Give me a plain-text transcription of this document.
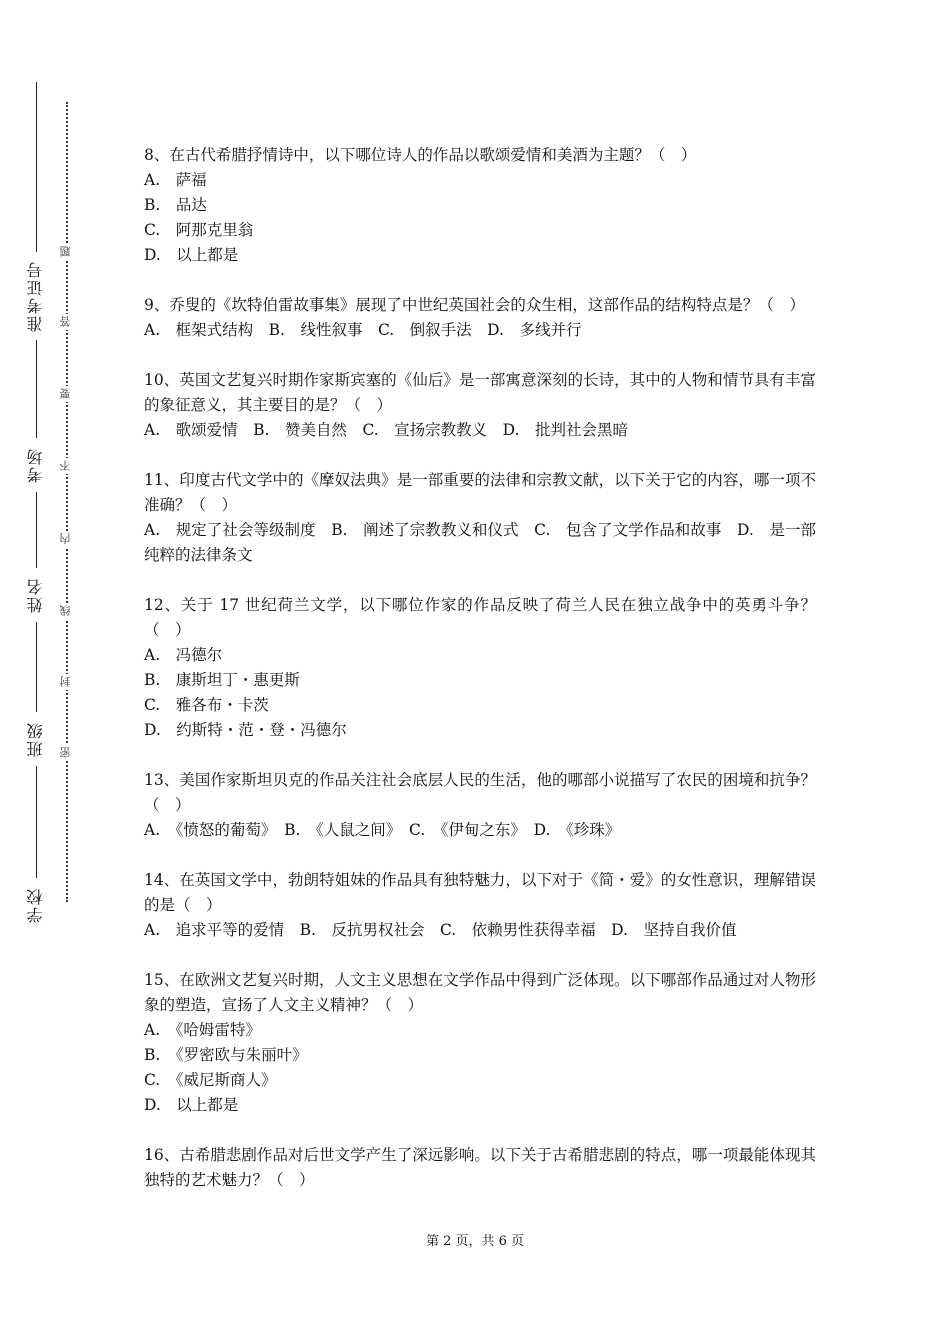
准考证号
考场
姓名
班级
学校
题
答
要
不
内
线
封
密

8、在古代希腊抒情诗中，以下哪位诗人的作品以歌颂爱情和美酒为主题？（　）

A.　萨福

B.　品达

C.　阿那克里翁

D.　以上都是

9、乔叟的《坎特伯雷故事集》展现了中世纪英国社会的众生相，这部作品的结构特点是？（　）

A.　框架式结构　B.　线性叙事　C.　倒叙手法　D.　多线并行

10、英国文艺复兴时期作家斯宾塞的《仙后》是一部寓意深刻的长诗，其中的人物和情节具有丰富的象征意义，其主要目的是？（　）

A.　歌颂爱情　B.　赞美自然　C.　宣扬宗教教义　D.　批判社会黑暗

11、印度古代文学中的《摩奴法典》是一部重要的法律和宗教文献，以下关于它的内容，哪一项不准确？（　）

A.　规定了社会等级制度　B.　阐述了宗教教义和仪式　C.　包含了文学作品和故事　D.　是一部纯粹的法律条文

12、关于 17 世纪荷兰文学，以下哪位作家的作品反映了荷兰人民在独立战争中的英勇斗争？（　）

A.　冯德尔

B.　康斯坦丁・惠更斯

C.　雅各布・卡茨

D.　约斯特・范・登・冯德尔

13、美国作家斯坦贝克的作品关注社会底层人民的生活，他的哪部小说描写了农民的困境和抗争？（　）

A.　《愤怒的葡萄》　B.　《人鼠之间》　C.　《伊甸之东》　D.　《珍珠》

14、在英国文学中，勃朗特姐妹的作品具有独特魅力，以下对于《简・爱》的女性意识，理解错误的是（　）

A.　追求平等的爱情　B.　反抗男权社会　C.　依赖男性获得幸福　D.　坚持自我价值

15、在欧洲文艺复兴时期，人文主义思想在文学作品中得到广泛体现。以下哪部作品通过对人物形象的塑造，宣扬了人文主义精神？（　）

A.　《哈姆雷特》

B.　《罗密欧与朱丽叶》

C.　《威尼斯商人》

D.　以上都是

16、古希腊悲剧作品对后世文学产生了深远影响。以下关于古希腊悲剧的特点，哪一项最能体现其独特的艺术魅力？（　）

第 2 页，共 6 页
